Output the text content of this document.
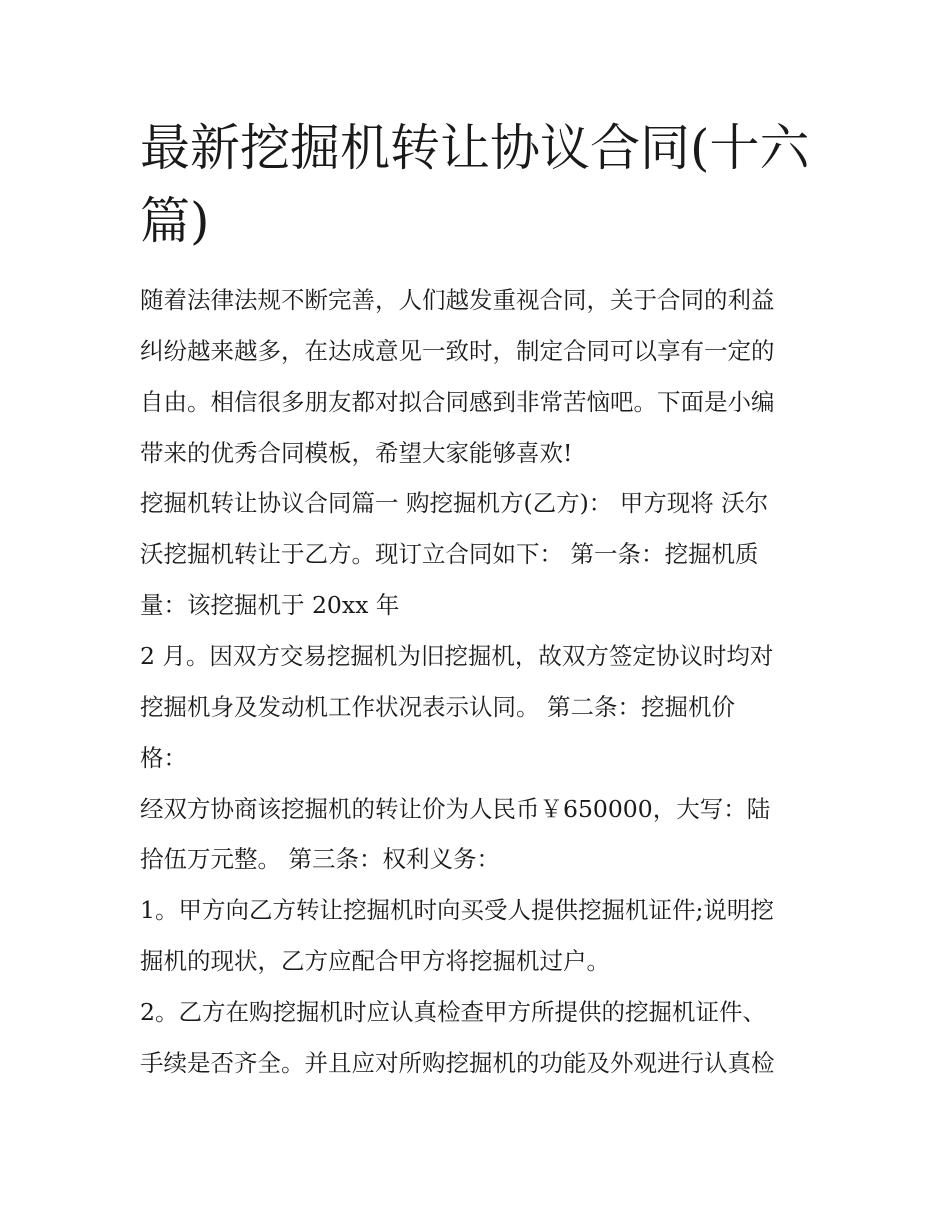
最新挖掘机转让协议合同(十六
篇)

随着法律法规不断完善，人们越发重视合同，关于合同的利益

纠纷越来越多，在达成意见一致时，制定合同可以享有一定的

自由。相信很多朋友都对拟合同感到非常苦恼吧。下面是小编

带来的优秀合同模板，希望大家能够喜欢!

挖掘机转让协议合同篇一 购挖掘机方(乙方)： 甲方现将 沃尔

沃挖掘机转让于乙方。现订立合同如下： 第一条：挖掘机质

量：该挖掘机于 20xx 年

2 月。因双方交易挖掘机为旧挖掘机，故双方签定协议时均对

挖掘机身及发动机工作状况表示认同。 第二条：挖掘机价

格：

经双方协商该挖掘机的转让价为人民币￥650000，大写：陆

拾伍万元整。 第三条：权利义务：

1。甲方向乙方转让挖掘机时向买受人提供挖掘机证件;说明挖

掘机的现状，乙方应配合甲方将挖掘机过户。

2。乙方在购挖掘机时应认真检查甲方所提供的挖掘机证件、

手续是否齐全。并且应对所购挖掘机的功能及外观进行认真检
